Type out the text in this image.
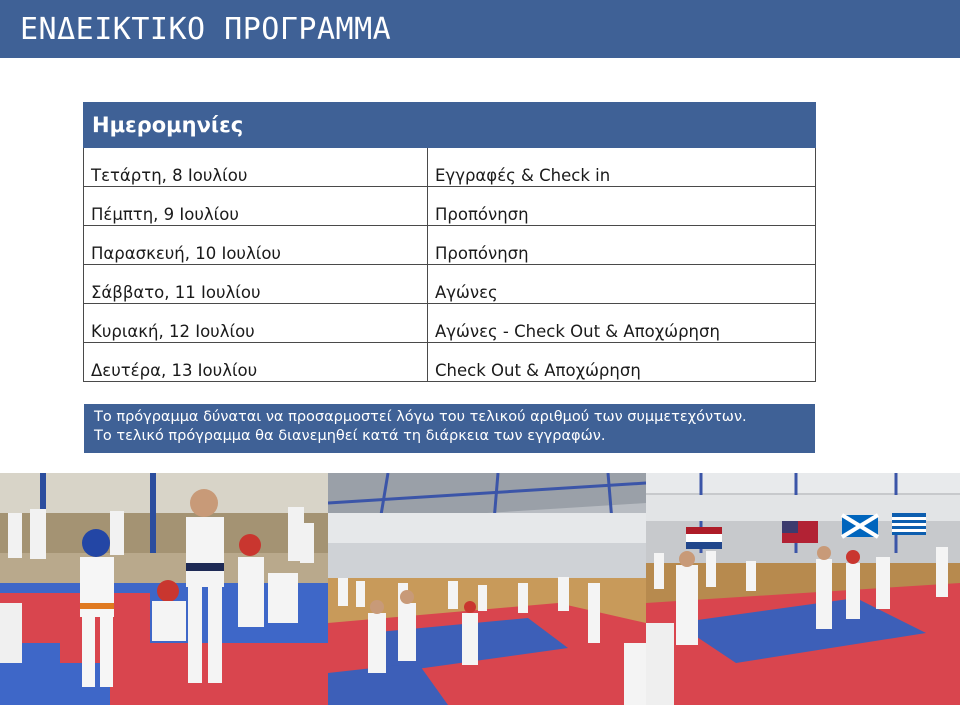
ΕΝΔΕΙΚΤΙΚΟ ΠΡΟΓΡΑΜΜΑ
Ημερομηνίες	
Τετάρτη, 8 Ιουλίου	Εγγραφές & Check in
Πέμπτη, 9 Ιουλίου	Προπόνηση
Παρασκευή, 10 Ιουλίου	Προπόνηση
Σάββατο, 11 Ιουλίου	Αγώνες
Κυριακή, 12 Ιουλίου	Αγώνες - Check Out & Αποχώρηση
Δευτέρα, 13 Ιουλίου	Check Out & Αποχώρηση
Το πρόγραμμα δύναται να προσαρμοστεί λόγω του τελικού αριθμού των συμμετεχόντων.
Το τελικό πρόγραμμα θα διανεμηθεί κατά τη διάρκεια των εγγραφών.
